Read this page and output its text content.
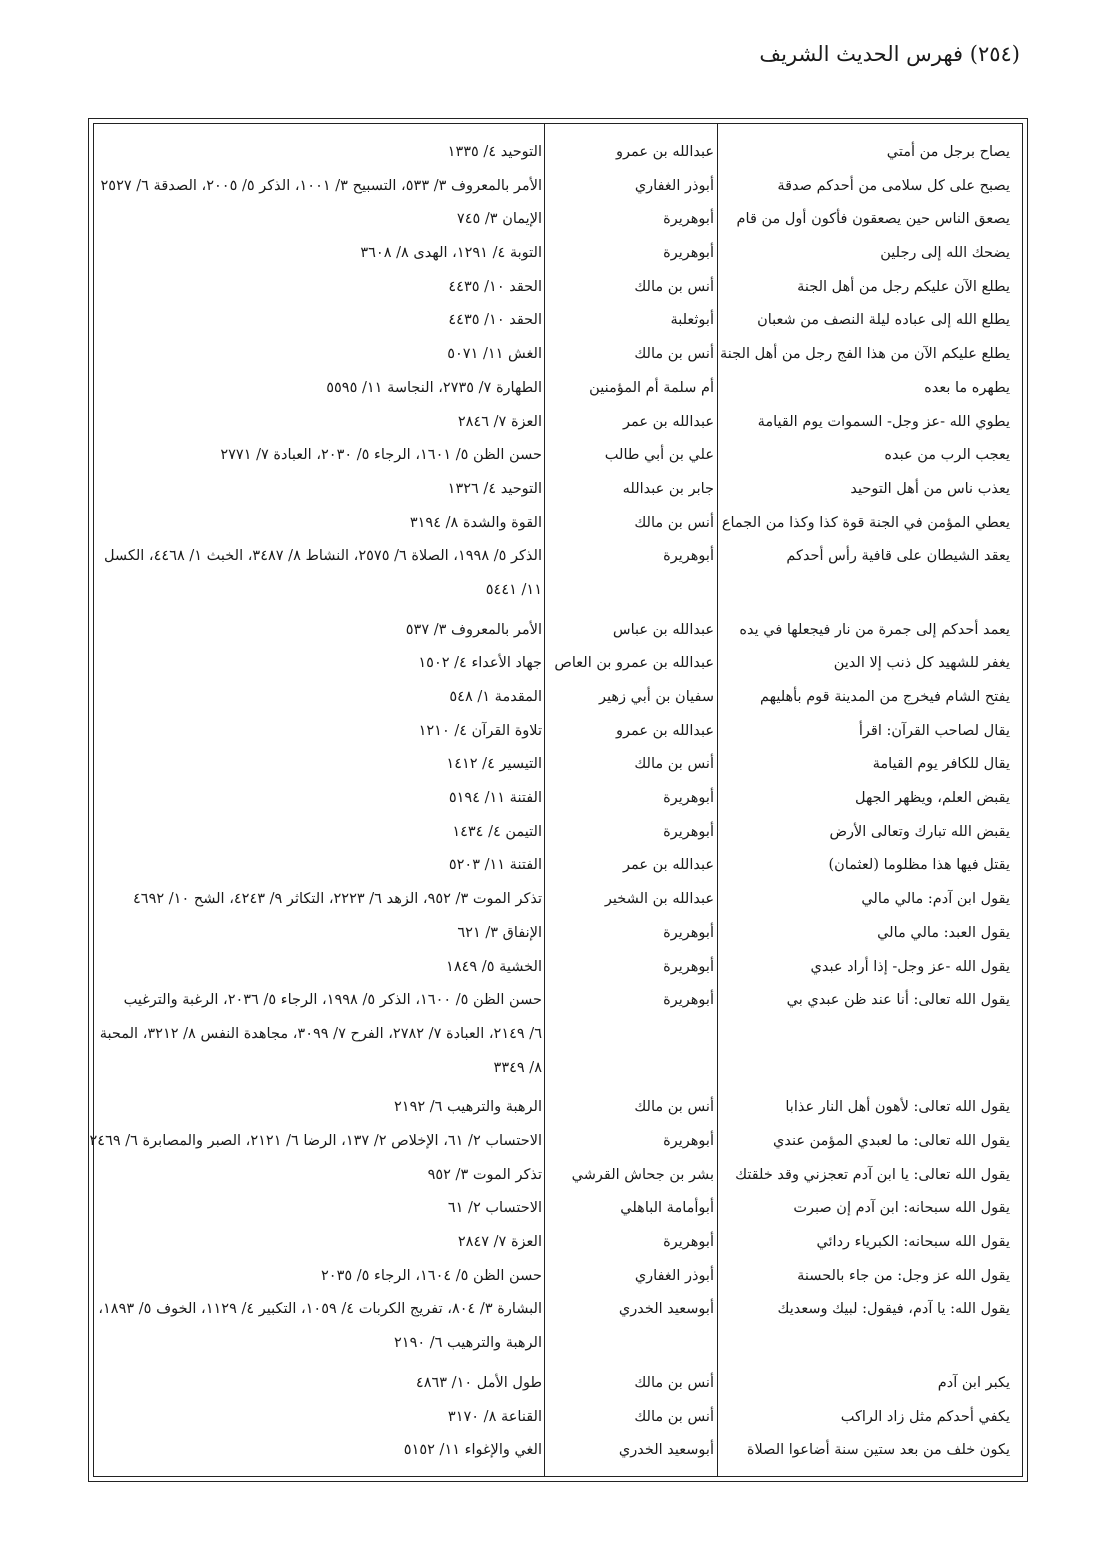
(٢٥٤) فهرس الحديث الشريف
يصاح برجل من أمتي
عبدالله بن عمرو
التوحيد ٤/ ١٣٣٥
يصبح على كل سلامى من أحدكم صدقة
أبوذر الغفاري
الأمر بالمعروف ٣/ ٥٣٣، التسبيح ٣/ ١٠٠١، الذكر ٥/ ٢٠٠٥، الصدقة ٦/ ٢٥٢٧
يصعق الناس حين يصعقون فأكون أول من قام
أبوهريرة
الإيمان ٣/ ٧٤٥
يضحك الله إلى رجلين
أبوهريرة
التوبة ٤/ ١٢٩١، الهدى ٨/ ٣٦٠٨
يطلع الآن عليكم رجل من أهل الجنة
أنس بن مالك
الحقد ١٠/ ٤٤٣٥
يطلع الله إلى عباده ليلة النصف من شعبان
أبوثعلبة
الحقد ١٠/ ٤٤٣٥
يطلع عليكم الآن من هذا الفج رجل من أهل الجنة
أنس بن مالك
الغش ١١/ ٥٠٧١
يطهره ما بعده
أم سلمة أم المؤمنين
الطهارة ٧/ ٢٧٣٥، النجاسة ١١/ ٥٥٩٥
يطوي الله -عز وجل- السموات يوم القيامة
عبدالله بن عمر
العزة ٧/ ٢٨٤٦
يعجب الرب من عبده
علي بن أبي طالب
حسن الظن ٥/ ١٦٠١، الرجاء ٥/ ٢٠٣٠، العبادة ٧/ ٢٧٧١
يعذب ناس من أهل التوحيد
جابر بن عبدالله
التوحيد ٤/ ١٣٢٦
يعطي المؤمن في الجنة قوة كذا وكذا من الجماع
أنس بن مالك
القوة والشدة ٨/ ٣١٩٤
يعقد الشيطان على قافية رأس أحدكم
أبوهريرة
الذكر ٥/ ١٩٩٨، الصلاة ٦/ ٢٥٧٥، النشاط ٨/ ٣٤٨٧، الخبث ١/ ٤٤٦٨، الكسل
١١/ ٥٤٤١
يعمد أحدكم إلى جمرة من نار فيجعلها في يده
عبدالله بن عباس
الأمر بالمعروف ٣/ ٥٣٧
يغفر للشهيد كل ذنب إلا الدين
عبدالله بن عمرو بن العاص
جهاد الأعداء ٤/ ١٥٠٢
يفتح الشام فيخرج من المدينة قوم بأهليهم
سفيان بن أبي زهير
المقدمة ١/ ٥٤٨
يقال لصاحب القرآن: اقرأ
عبدالله بن عمرو
تلاوة القرآن ٤/ ١٢١٠
يقال للكافر يوم القيامة
أنس بن مالك
التيسير ٤/ ١٤١٢
يقبض العلم، ويظهر الجهل
أبوهريرة
الفتنة ١١/ ٥١٩٤
يقبض الله تبارك وتعالى الأرض
أبوهريرة
التيمن ٤/ ١٤٣٤
يقتل فيها هذا مظلوما (لعثمان)
عبدالله بن عمر
الفتنة ١١/ ٥٢٠٣
يقول ابن آدم: مالي مالي
عبدالله بن الشخير
تذكر الموت ٣/ ٩٥٢، الزهد ٦/ ٢٢٢٣، التكاثر ٩/ ٤٢٤٣، الشح ١٠/ ٤٦٩٢
يقول العبد: مالي مالي
أبوهريرة
الإنفاق ٣/ ٦٢١
يقول الله -عز وجل- إذا أراد عبدي
أبوهريرة
الخشية ٥/ ١٨٤٩
يقول الله تعالى: أنا عند ظن عبدي بي
أبوهريرة
حسن الظن ٥/ ١٦٠٠، الذكر ٥/ ١٩٩٨، الرجاء ٥/ ٢٠٣٦، الرغبة والترغيب
٦/ ٢١٤٩، العبادة ٧/ ٢٧٨٢، الفرح ٧/ ٣٠٩٩، مجاهدة النفس ٨/ ٣٢١٢، المحبة
٨/ ٣٣٤٩
يقول الله تعالى: لأهون أهل النار عذابا
أنس بن مالك
الرهبة والترهيب ٦/ ٢١٩٢
يقول الله تعالى: ما لعبدي المؤمن عندي
أبوهريرة
الاحتساب ٢/ ٦١، الإخلاص ٢/ ١٣٧، الرضا ٦/ ٢١٢١، الصبر والمصابرة ٦/ ٢٤٦٩
يقول الله تعالى: يا ابن آدم تعجزني وقد خلقتك
بشر بن جحاش القرشي
تذكر الموت ٣/ ٩٥٢
يقول الله سبحانه: ابن آدم إن صبرت
أبوأمامة الباهلي
الاحتساب ٢/ ٦١
يقول الله سبحانه: الكبرياء ردائي
أبوهريرة
العزة ٧/ ٢٨٤٧
يقول الله عز وجل: من جاء بالحسنة
أبوذر الغفاري
حسن الظن ٥/ ١٦٠٤، الرجاء ٥/ ٢٠٣٥
يقول الله: يا آدم، فيقول: لبيك وسعديك
أبوسعيد الخدري
البشارة ٣/ ٨٠٤، تفريج الكربات ٤/ ١٠٥٩، التكبير ٤/ ١١٢٩، الخوف ٥/ ١٨٩٣،
الرهبة والترهيب ٦/ ٢١٩٠
يكبر ابن آدم
أنس بن مالك
طول الأمل ١٠/ ٤٨٦٣
يكفي أحدكم مثل زاد الراكب
أنس بن مالك
القناعة ٨/ ٣١٧٠
يكون خلف من بعد ستين سنة أضاعوا الصلاة
أبوسعيد الخدري
الغي والإغواء ١١/ ٥١٥٢
